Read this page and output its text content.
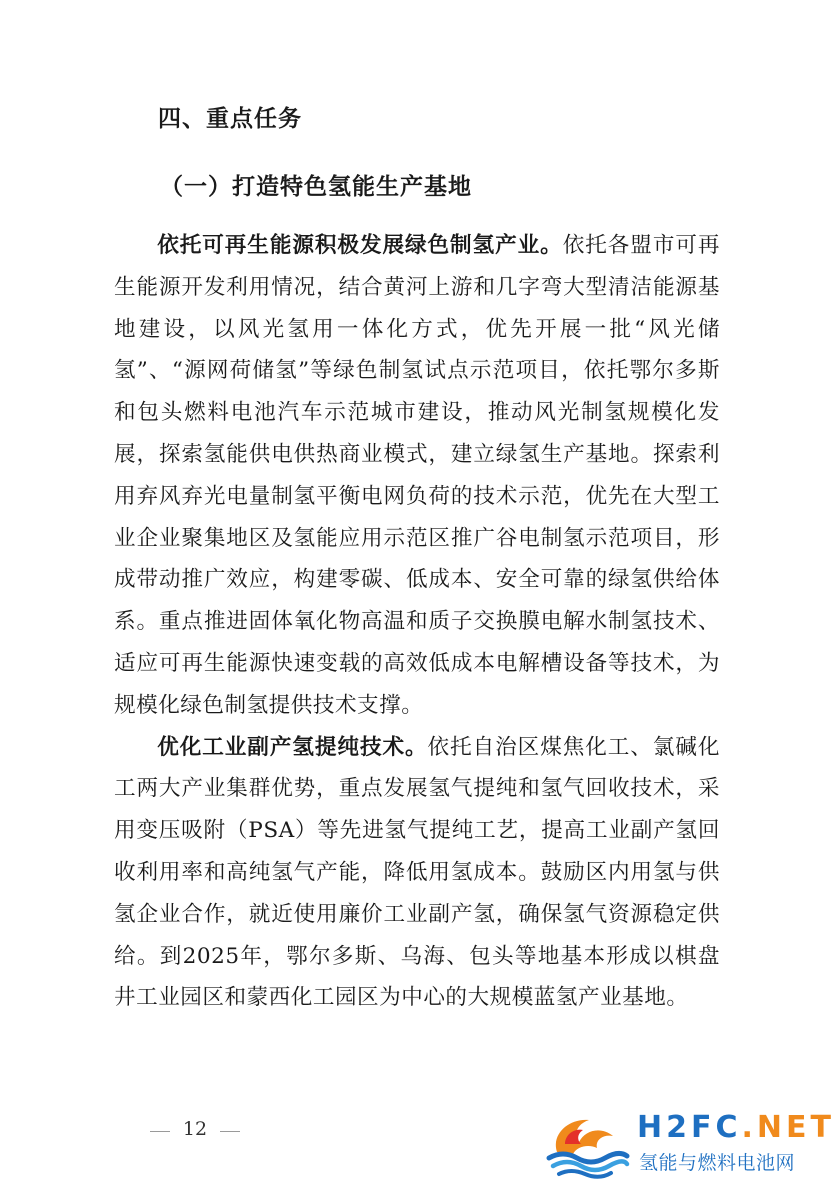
四、重点任务
（一）打造特色氢能生产基地

依托可再生能源积极发展绿色制氢产业。依托各盟市可再生能源开发利用情况，结合黄河上游和几字弯大型清洁能源基地建设，以风光氢用一体化方式，优先开展一批“风光储氢”、“源网荷储氢”等绿色制氢试点示范项目，依托鄂尔多斯和包头燃料电池汽车示范城市建设，推动风光制氢规模化发展，探索氢能供电供热商业模式，建立绿氢生产基地。探索利用弃风弃光电量制氢平衡电网负荷的技术示范，优先在大型工业企业聚集地区及氢能应用示范区推广谷电制氢示范项目，形成带动推广效应，构建零碳、低成本、安全可靠的绿氢供给体系。重点推进固体氧化物高温和质子交换膜电解水制氢技术、适应可再生能源快速变载的高效低成本电解槽设备等技术，为规模化绿色制氢提供技术支撑。

优化工业副产氢提纯技术。依托自治区煤焦化工、氯碱化工两大产业集群优势，重点发展氢气提纯和氢气回收技术，采用变压吸附（PSA）等先进氢气提纯工艺，提高工业副产氢回收利用率和高纯氢气产能，降低用氢成本。鼓励区内用氢与供氢企业合作，就近使用廉价工业副产氢，确保氢气资源稳定供给。到2025年，鄂尔多斯、乌海、包头等地基本形成以棋盘井工业园区和蒙西化工园区为中心的大规模蓝氢产业基地。

12	H2FC.NET
氢能与燃料电池网
